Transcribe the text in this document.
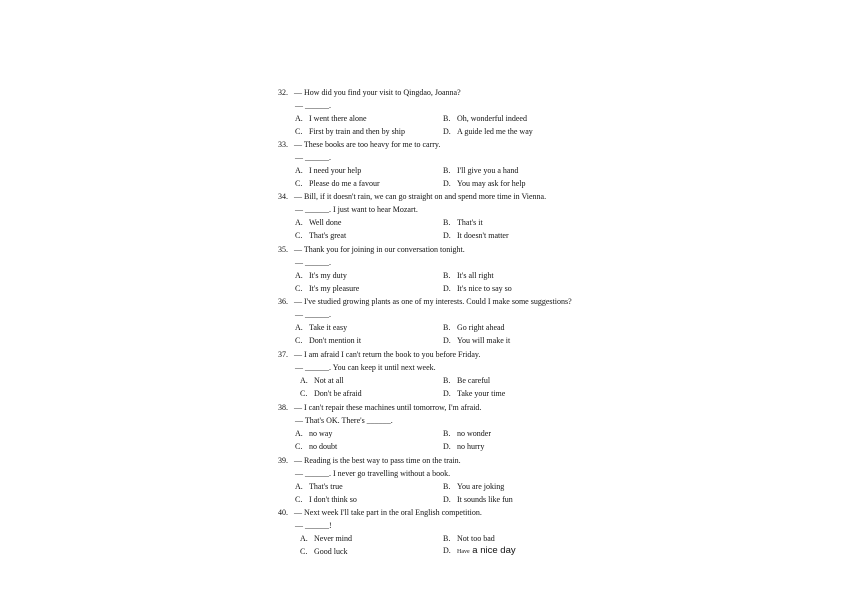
32. — How did you find your visit to Qingdao, Joanna?
— ______.
A. I went there alone	B. Oh, wonderful indeed
C. First by train and then by ship	D. A guide led me the way
33. — These books are too heavy for me to carry.
— ______.
A. I need your help	B. I'll give you a hand
C. Please do me a favour	D. You may ask for help
34. — Bill, if it doesn't rain, we can go straight on and spend more time in Vienna.
— ______. I just want to hear Mozart.
A. Well done	B. That's it
C. That's great	D. It doesn't matter
35. — Thank you for joining in our conversation tonight.
— ______.
A. It's my duty	B. It's all right
C. It's my pleasure	D. It's nice to say so
36. — I've studied growing plants as one of my interests. Could I make some suggestions?
— ______.
A. Take it easy	B. Go right ahead
C. Don't mention it	D. You will make it
37. — I am afraid I can't return the book to you before Friday.
— ______. You can keep it until next week.
A. Not at all	B. Be careful
C. Don't be afraid	D. Take your time
38. — I can't repair these machines until tomorrow, I'm afraid.
— That's OK. There's ______.
A. no way	B. no wonder
C. no doubt	D. no hurry
39. — Reading is the best way to pass time on the train.
— ______. I never go travelling without a book.
A. That's true	B. You are joking
C. I don't think so	D. It sounds like fun
40. — Next week I'll take part in the oral English competition.
— ______!
A. Never mind	B. Not too bad
C. Good luck	D. Have a nice day
